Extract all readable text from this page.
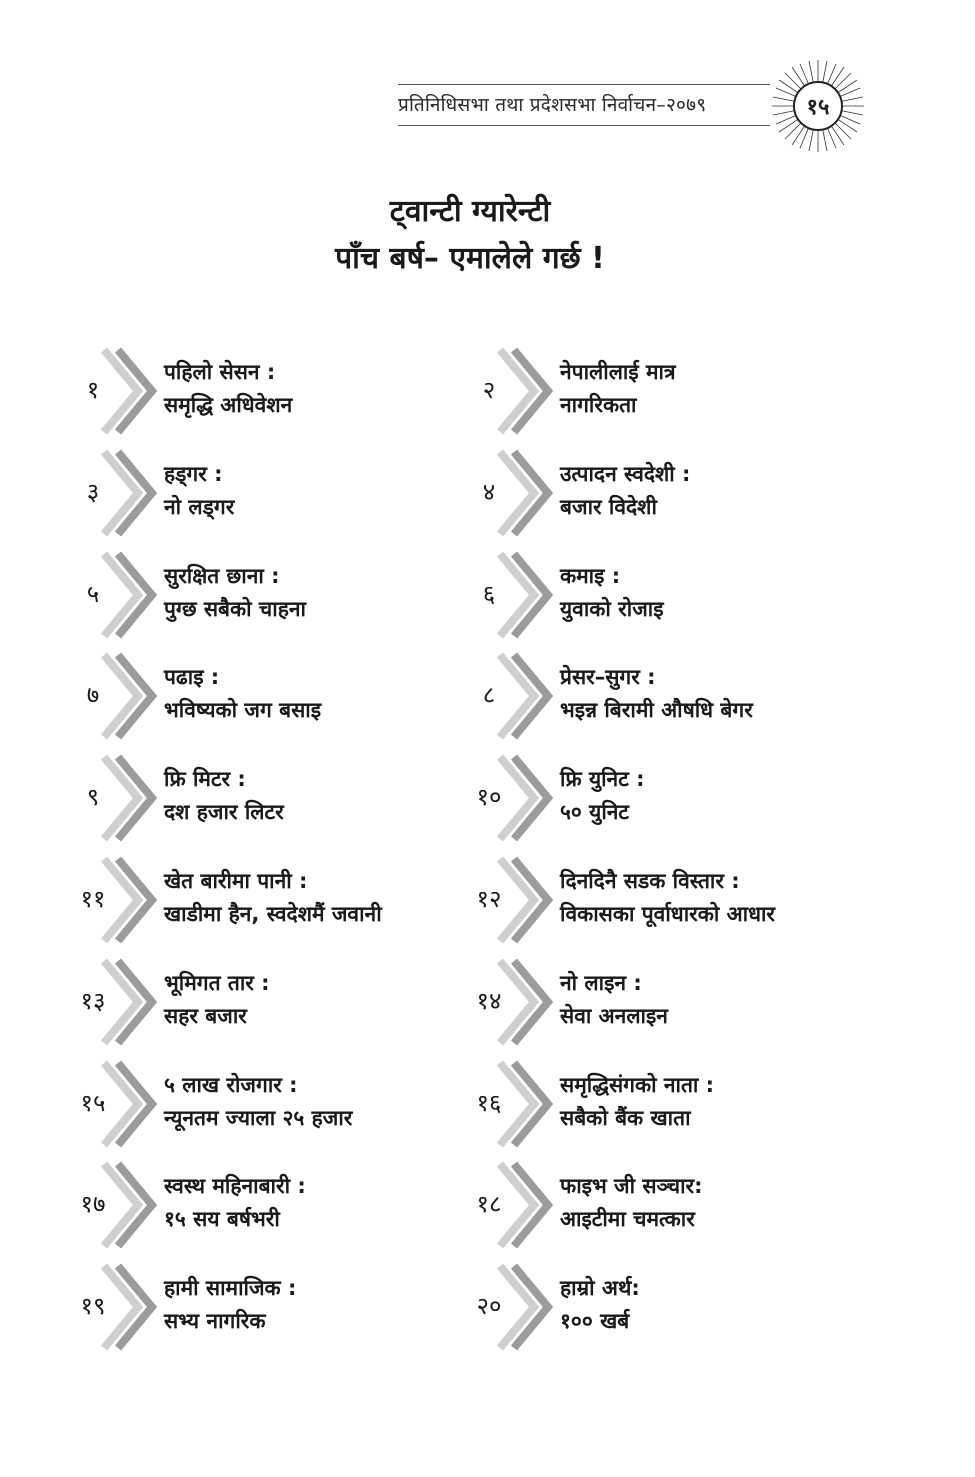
प्रतिनिधिसभा तथा प्रदेशसभा निर्वाचन–२०७९	१५
ट्वान्टी ग्यारेन्टी
पाँच बर्ष– एमालेले गर्छ !
१
पहिलो सेसन :
समृद्धि अधिवेशन
२
नेपालीलाई मात्र
नागरिकता
३
हड्गर :
नो लड्गर
४
उत्पादन स्वदेशी :
बजार विदेशी
५
सुरक्षित छाना :
पुग्छ सबैको चाहना
६
कमाइ :
युवाको रोजाइ
७
पढाइ :
भविष्यको जग बसाइ
८
प्रेसर–सुगर :
भइन्न बिरामी औषधि बेगर
९
फ्रि मिटर :
दश हजार लिटर
१०
फ्रि युनिट :
५० युनिट
११
खेत बारीमा पानी :
खाडीमा हैन, स्वदेशमैं जवानी
१२
दिनदिनै सडक विस्तार :
विकासका पूर्वाधारको आधार
१३
भूमिगत तार :
सहर बजार
१४
नो लाइन :
सेवा अनलाइन
१५
५ लाख रोजगार :
न्यूनतम ज्याला २५ हजार
१६
समृद्धिसंगको नाता :
सबैको बैंक खाता
१७
स्वस्थ महिनाबारी :
१५ सय बर्षभरी
१८
फाइभ जी सञ्चार:
आइटीमा चमत्कार
१९
हामी सामाजिक :
सभ्य नागरिक
२०
हाम्रो अर्थ:
१०० खर्ब
